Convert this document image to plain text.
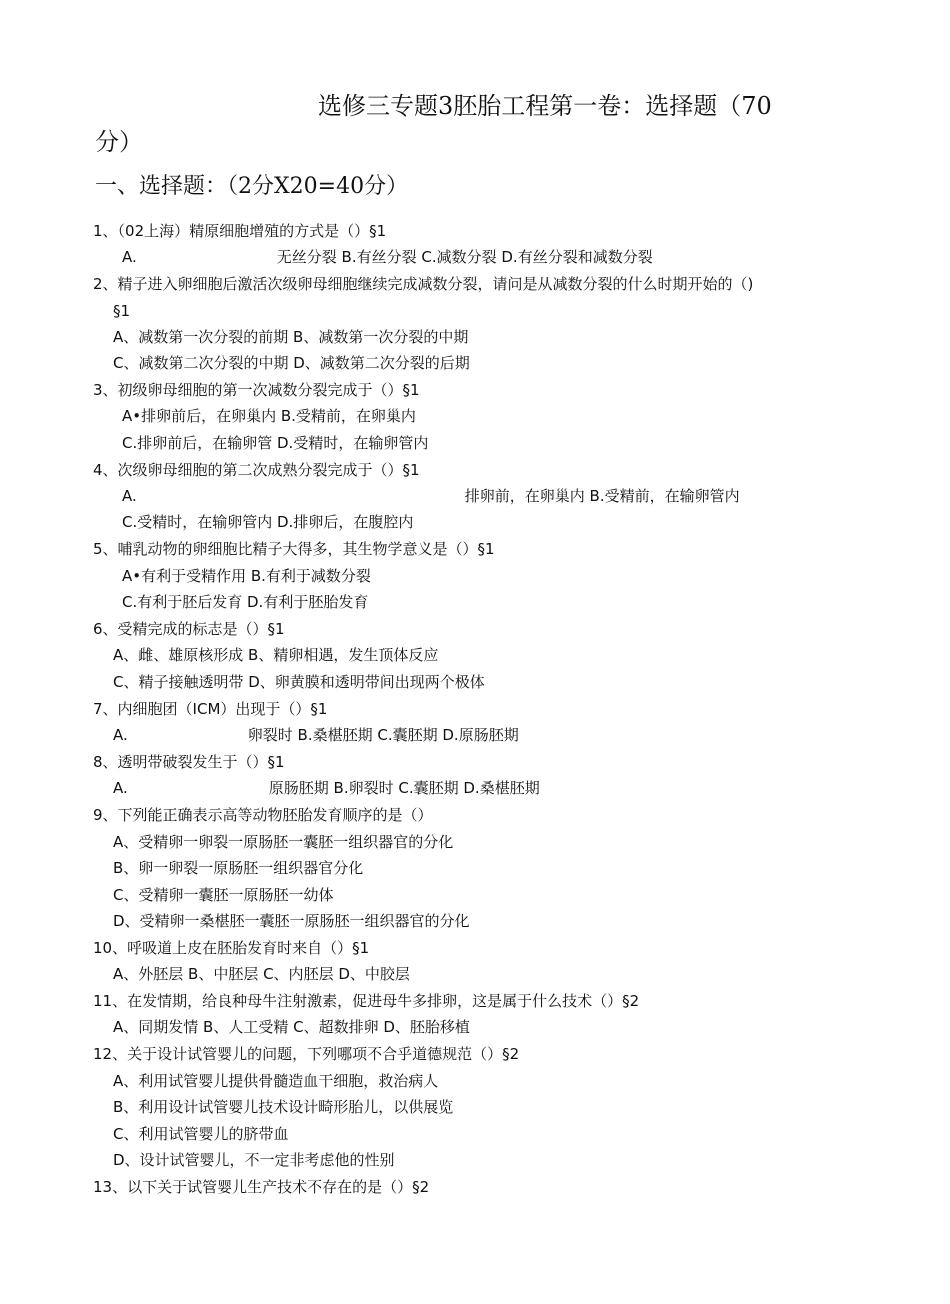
选修三专题3胚胎工程第一卷：选择题（70
分）
一、选择题：（2分X20=40分）
1、（02上海）精原细胞增殖的方式是（）§1
A.	无丝分裂 B.有丝分裂 C.减数分裂 D.有丝分裂和减数分裂
2、精子进入卵细胞后激活次级卵母细胞继续完成减数分裂，请问是从减数分裂的什么时期开始的（)
§1
A、减数第一次分裂的前期 B、减数第一次分裂的中期
C、减数第二次分裂的中期 D、减数第二次分裂的后期
3、初级卵母细胞的第一次减数分裂完成于（）§1
A•排卵前后，在卵巢内 B.受精前，在卵巢内
C.排卵前后，在输卵管 D.受精时，在输卵管内
4、次级卵母细胞的第二次成熟分裂完成于（）§1
A.	排卵前，在卵巢内 B.受精前，在输卵管内
C.受精时，在输卵管内 D.排卵后，在腹腔内
5、哺乳动物的卵细胞比精子大得多，其生物学意义是（）§1
A•有利于受精作用 B.有利于减数分裂
C.有利于胚后发育 D.有利于胚胎发育
6、受精完成的标志是（）§1
A、雌、雄原核形成 B、精卵相遇，发生顶体反应
C、精子接触透明带 D、卵黄膜和透明带间出现两个极体
7、内细胞团（ICM）出现于（）§1
A.	卵裂时 B.桑椹胚期 C.囊胚期 D.原肠胚期
8、透明带破裂发生于（）§1
A.	原肠胚期 B.卵裂时 C.囊胚期 D.桑椹胚期
9、下列能正确表示高等动物胚胎发育顺序的是（）
A、受精卵一卵裂一原肠胚一囊胚一组织器官的分化
B、卵一卵裂一原肠胚一组织器官分化
C、受精卵一囊胚一原肠胚一幼体
D、受精卵一桑椹胚一囊胚一原肠胚一组织器官的分化
10、呼吸道上皮在胚胎发育时来自（）§1
A、外胚层 B、中胚层 C、内胚层 D、中胶层
11、在发情期，给良种母牛注射激素，促进母牛多排卵，这是属于什么技术（）§2
A、同期发情 B、人工受精 C、超数排卵 D、胚胎移植
12、关于设计试管婴儿的问题，下列哪项不合乎道德规范（）§2
A、利用试管婴儿提供骨髓造血干细胞，救治病人
B、利用设计试管婴儿技术设计畸形胎儿，以供展览
C、利用试管婴儿的脐带血
D、设计试管婴儿，不一定非考虑他的性别
13、以下关于试管婴儿生产技术不存在的是（）§2
